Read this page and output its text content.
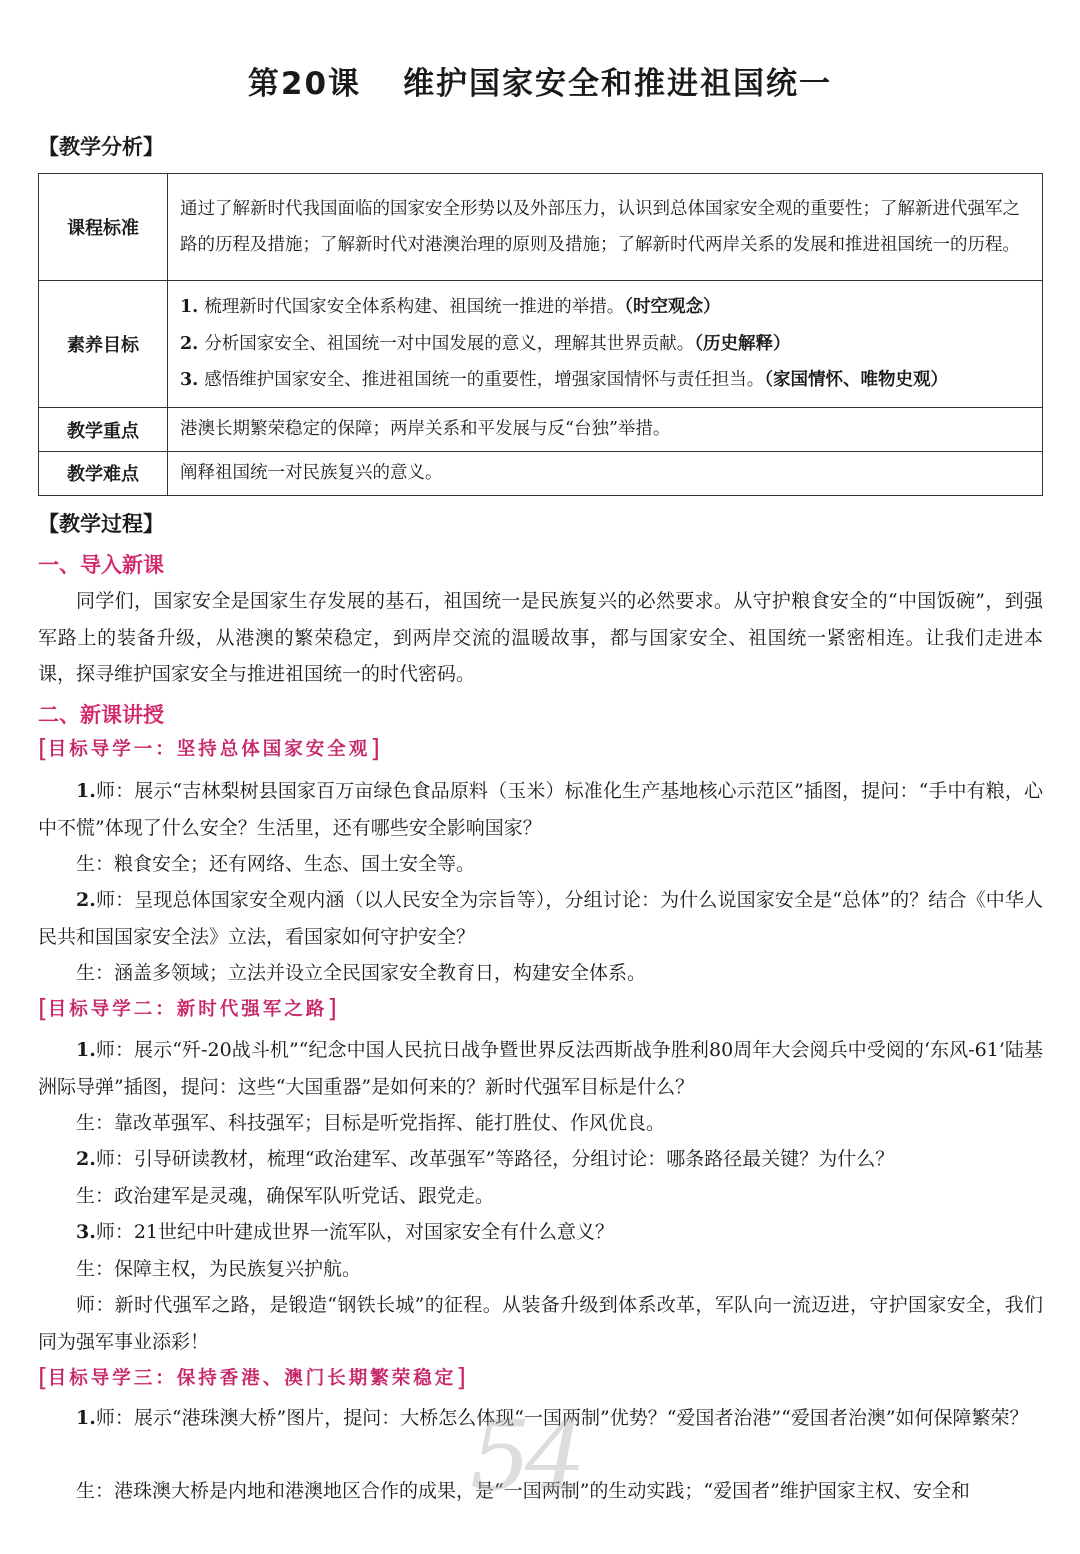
第20课 维护国家安全和推进祖国统一
【教学分析】
课程标准	通过了解新时代我国面临的国家安全形势以及外部压力，认识到总体国家安全观的重要性；了解新进代强军之路的历程及措施；了解新时代对港澳治理的原则及措施；了解新时代两岸关系的发展和推进祖国统一的历程。
素养目标	1. 梳理新时代国家安全体系构建、祖国统一推进的举措。（时空观念）
2. 分析国家安全、祖国统一对中国发展的意义，理解其世界贡献。（历史解释）
3. 感悟维护国家安全、推进祖国统一的重要性，增强家国情怀与责任担当。（家国情怀、唯物史观）

教学重点	港澳长期繁荣稳定的保障；两岸关系和平发展与反“台独”举措。
教学难点	阐释祖国统一对民族复兴的意义。
【教学过程】
一、导入新课

同学们，国家安全是国家生存发展的基石，祖国统一是民族复兴的必然要求。从守护粮食安全的“中国饭碗”，到强军路上的装备升级，从港澳的繁荣稳定，到两岸交流的温暖故事，都与国家安全、祖国统一紧密相连。让我们走进本课，探寻维护国家安全与推进祖国统一的时代密码。

二、新课讲授
[目标导学一：坚持总体国家安全观]

1.师：展示“吉林梨树县国家百万亩绿色食品原料（玉米）标准化生产基地核心示范区”插图，提问：“手中有粮，心中不慌”体现了什么安全？生活里，还有哪些安全影响国家？

生：粮食安全；还有网络、生态、国土安全等。

2.师：呈现总体国家安全观内涵（以人民安全为宗旨等），分组讨论：为什么说国家安全是“总体”的？结合《中华人民共和国国家安全法》立法，看国家如何守护安全？

生：涵盖多领域；立法并设立全民国家安全教育日，构建安全体系。

[目标导学二：新时代强军之路]

1.师：展示“歼-20战斗机”“纪念中国人民抗日战争暨世界反法西斯战争胜利80周年大会阅兵中受阅的‘东风-61’陆基洲际导弹”插图，提问：这些“大国重器”是如何来的？新时代强军目标是什么？

生：靠改革强军、科技强军；目标是听党指挥、能打胜仗、作风优良。

2.师：引导研读教材，梳理“政治建军、改革强军”等路径，分组讨论：哪条路径最关键？为什么？

生：政治建军是灵魂，确保军队听党话、跟党走。

3.师：21世纪中叶建成世界一流军队，对国家安全有什么意义？

生：保障主权，为民族复兴护航。

师：新时代强军之路，是锻造“钢铁长城”的征程。从装备升级到体系改革，军队向一流迈进，守护国家安全，我们同为强军事业添彩！

[目标导学三：保持香港、澳门长期繁荣稳定]

1.师：展示“港珠澳大桥”图片，提问：大桥怎么体现“一国两制”优势？“爱国者治港”“爱国者治澳”如何保障繁荣？

生：港珠澳大桥是内地和港澳地区合作的成果，是“一国两制”的生动实践；“爱国者”维护国家主权、安全和

54
